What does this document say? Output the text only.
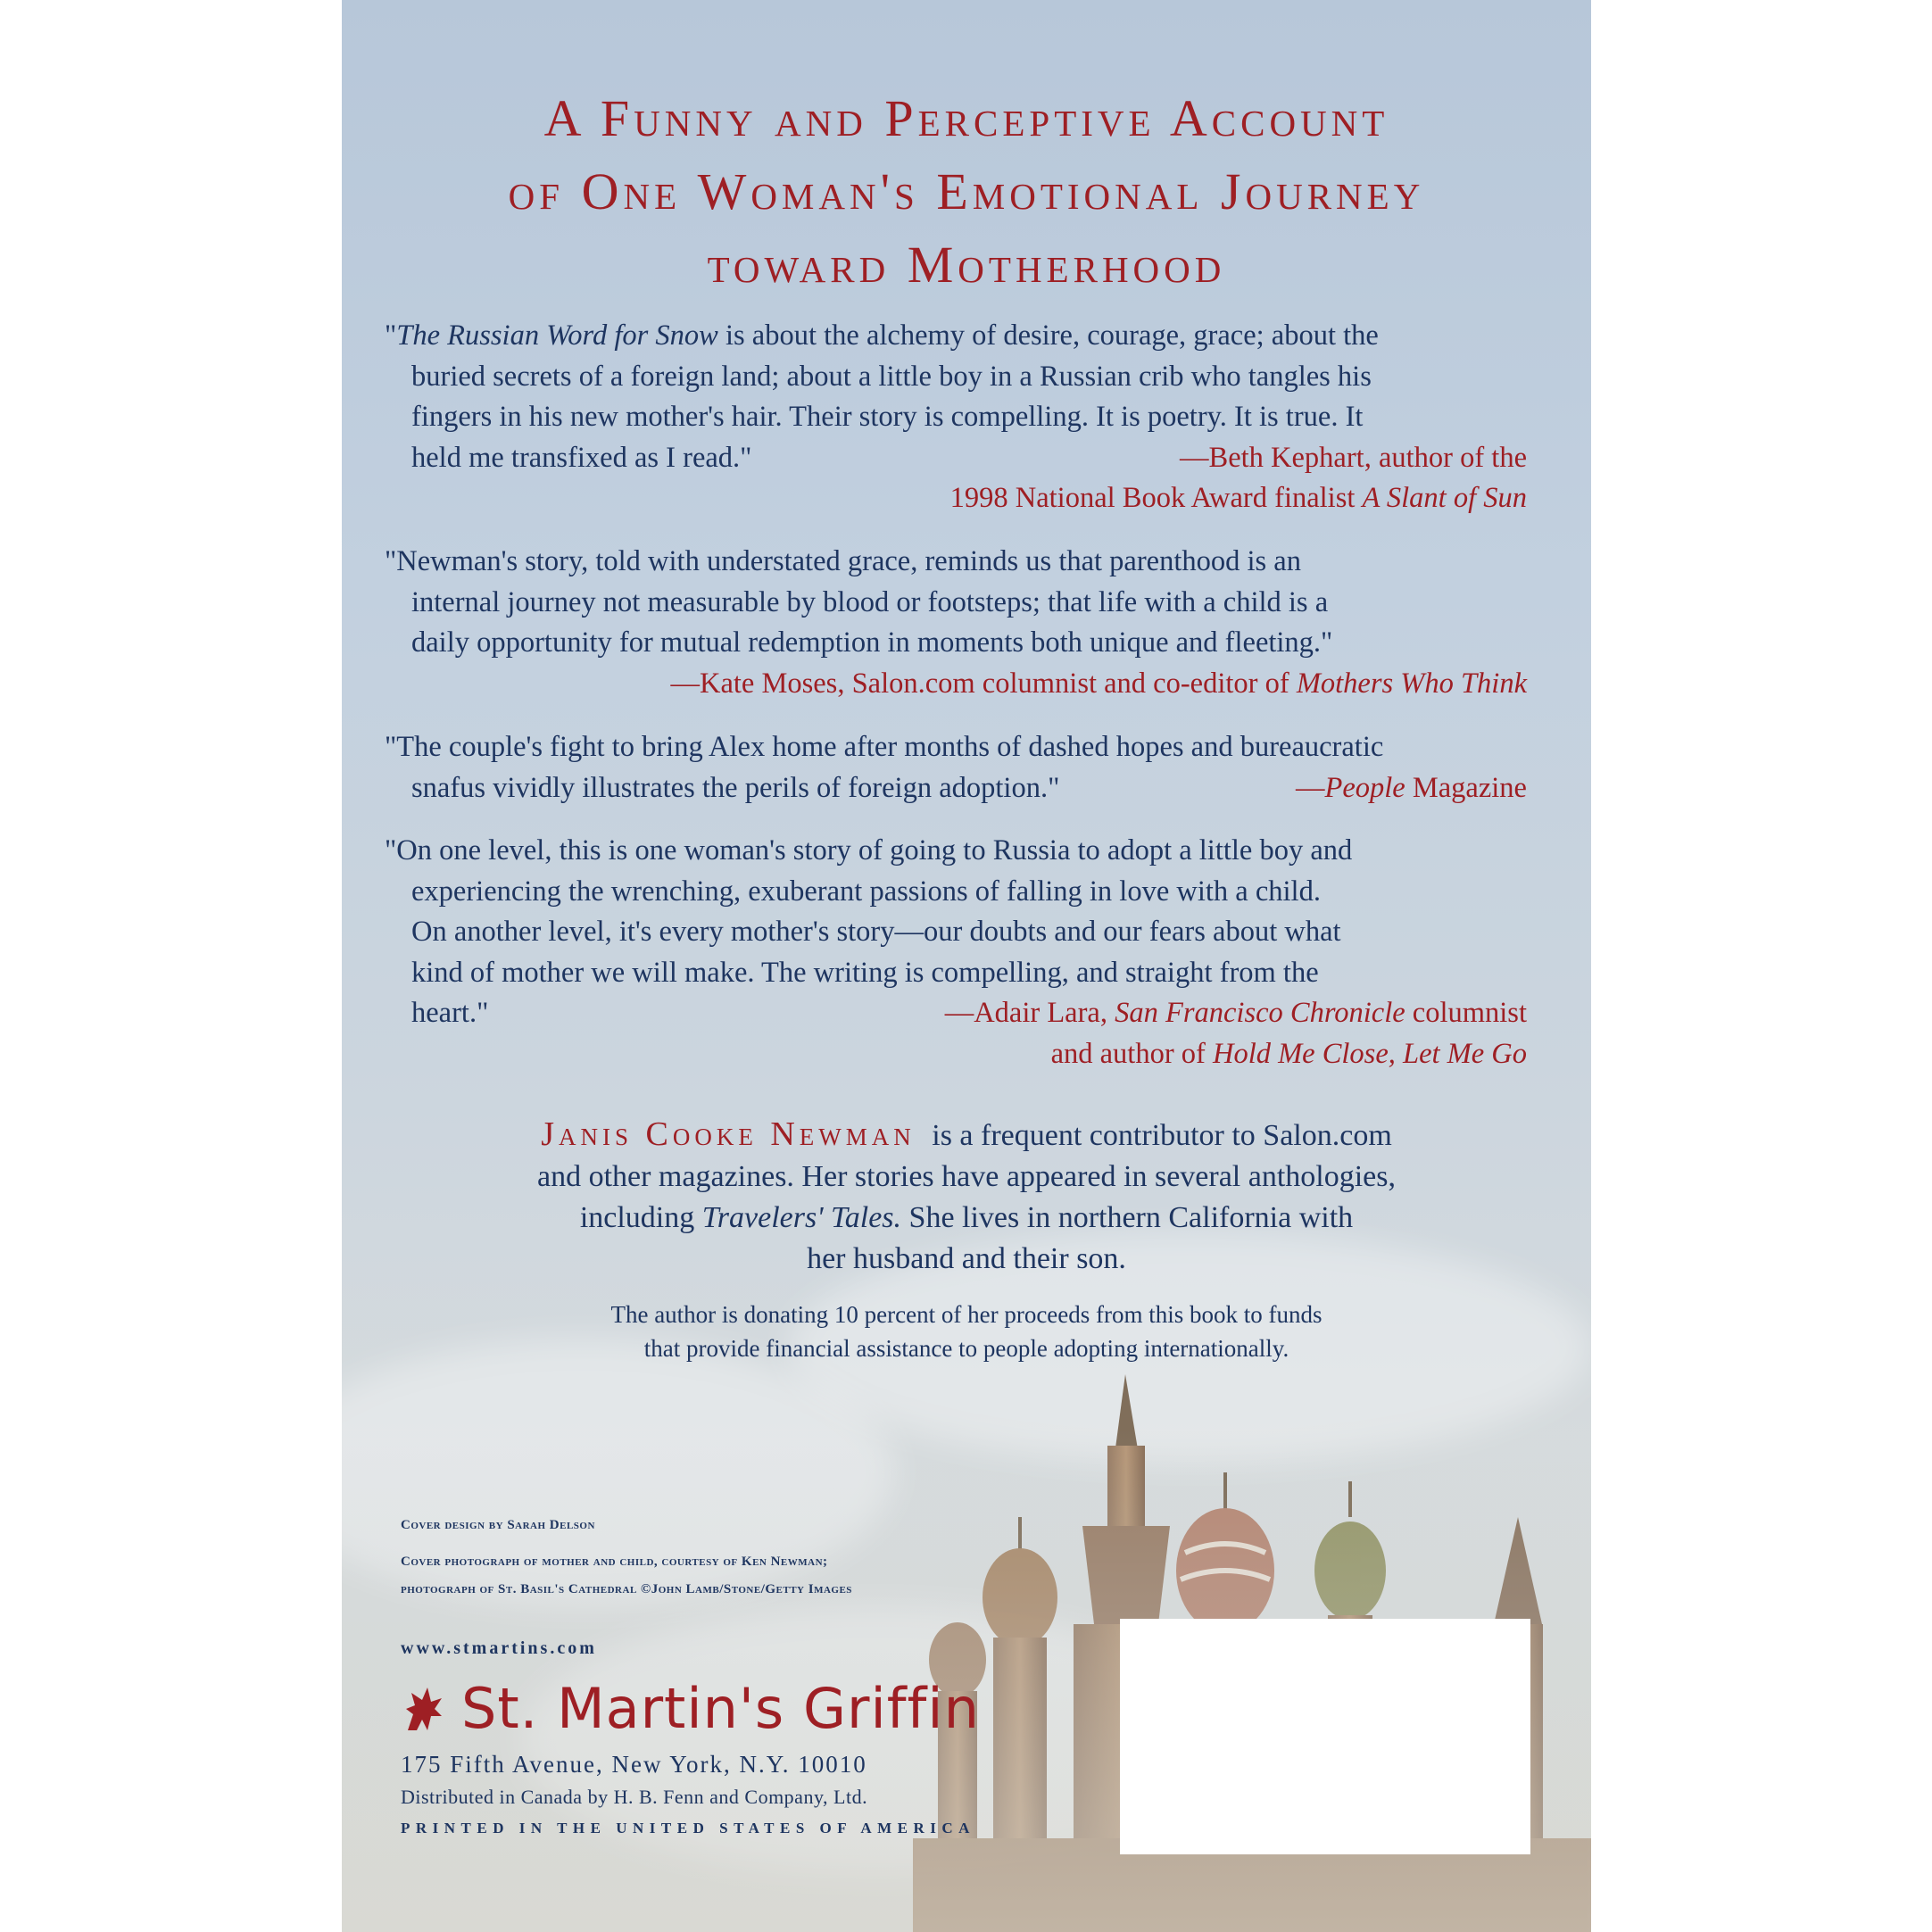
A Funny and Perceptive Account
of One Woman's Emotional Journey
toward Motherhood
"The Russian Word for Snow is about the alchemy of desire, courage, grace; about the
buried secrets of a foreign land; about a little boy in a Russian crib who tangles his
fingers in his new mother's hair. Their story is compelling. It is poetry. It is true. It
held me transfixed as I read."	—Beth Kephart, author of the
1998 National Book Award finalist A Slant of Sun
"Newman's story, told with understated grace, reminds us that parenthood is an
internal journey not measurable by blood or footsteps; that life with a child is a
daily opportunity for mutual redemption in moments both unique and fleeting."
—Kate Moses, Salon.com columnist and co-editor of Mothers Who Think
"The couple's fight to bring Alex home after months of dashed hopes and bureaucratic
snafus vividly illustrates the perils of foreign adoption."	—People Magazine
"On one level, this is one woman's story of going to Russia to adopt a little boy and
experiencing the wrenching, exuberant passions of falling in love with a child.
On another level, it's every mother's story—our doubts and our fears about what
kind of mother we will make. The writing is compelling, and straight from the
heart."	—Adair Lara, San Francisco Chronicle columnist
and author of Hold Me Close, Let Me Go
Janis Cooke Newman is a frequent contributor to Salon.com
and other magazines. Her stories have appeared in several anthologies,
including Travelers' Tales. She lives in northern California with
her husband and their son.
The author is donating 10 percent of her proceeds from this book to funds
that provide financial assistance to people adopting internationally.
Cover design by Sarah Delson
Cover photograph of mother and child, courtesy of Ken Newman;
photograph of St. Basil's Cathedral ©John Lamb/Stone/Getty Images
www.stmartins.com
St. Martin's Griffin
175 Fifth Avenue, New York, N.Y. 10010
Distributed in Canada by H. B. Fenn and Company, Ltd.
PRINTED IN THE UNITED STATES OF AMERICA
